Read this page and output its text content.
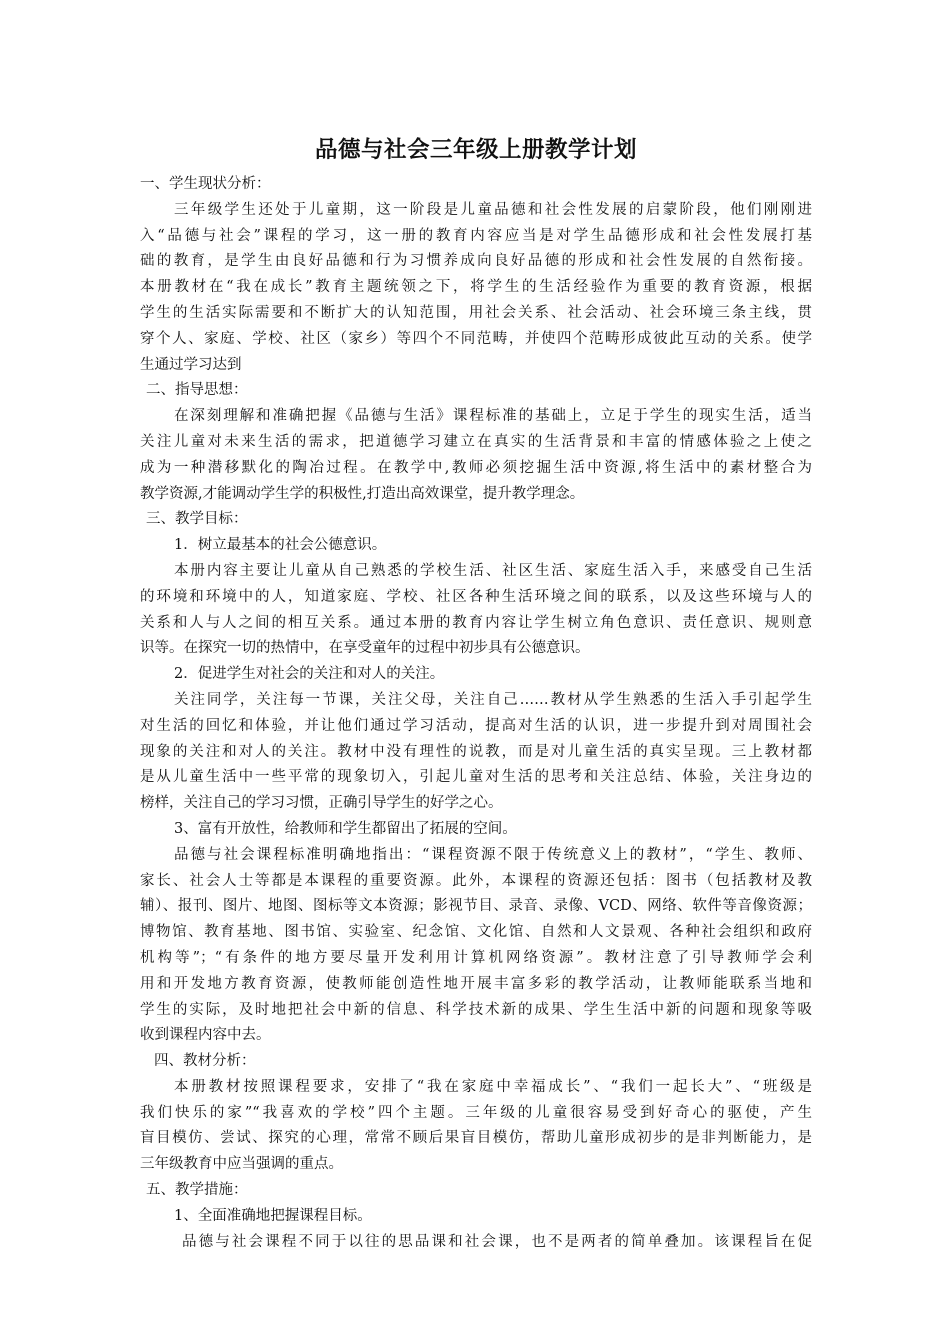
品德与社会三年级上册教学计划

一、学生现状分析：

三年级学生还处于儿童期，这一阶段是儿童品德和社会性发展的启蒙阶段，他们刚刚进

入“品德与社会”课程的学习，这一册的教育内容应当是对学生品德形成和社会性发展打基

础的教育，是学生由良好品德和行为习惯养成向良好品德的形成和社会性发展的自然衔接。

本册教材在“我在成长”教育主题统领之下，将学生的生活经验作为重要的教育资源，根据

学生的生活实际需要和不断扩大的认知范围，用社会关系、社会活动、社会环境三条主线，贯

穿个人、家庭、学校、社区（家乡）等四个不同范畴，并使四个范畴形成彼此互动的关系。使学

生通过学习达到

二、指导思想：

在深刻理解和准确把握《品德与生活》课程标准的基础上，立足于学生的现实生活，适当

关注儿童对未来生活的需求，把道德学习建立在真实的生活背景和丰富的情感体验之上使之

成为一种潜移默化的陶冶过程。在教学中,教师必须挖掘生活中资源,将生活中的素材整合为

教学资源,才能调动学生学的积极性,打造出高效课堂，提升教学理念。

三、教学目标：

1．树立最基本的社会公德意识。

本册内容主要让儿童从自己熟悉的学校生活、社区生活、家庭生活入手，来感受自己生活

的环境和环境中的人，知道家庭、学校、社区各种生活环境之间的联系，以及这些环境与人的

关系和人与人之间的相互关系。通过本册的教育内容让学生树立角色意识、责任意识、规则意

识等。在探究一切的热情中，在享受童年的过程中初步具有公德意识。

2．促进学生对社会的关注和对人的关注。

关注同学，关注每一节课，关注父母，关注自己……教材从学生熟悉的生活入手引起学生

对生活的回忆和体验，并让他们通过学习活动，提高对生活的认识，进一步提升到对周围社会

现象的关注和对人的关注。教材中没有理性的说教，而是对儿童生活的真实呈现。三上教材都

是从儿童生活中一些平常的现象切入，引起儿童对生活的思考和关注总结、体验，关注身边的

榜样，关注自己的学习习惯，正确引导学生的好学之心。

3、富有开放性，给教师和学生都留出了拓展的空间。

品德与社会课程标准明确地指出：“课程资源不限于传统意义上的教材”，“学生、教师、

家长、社会人士等都是本课程的重要资源。此外，本课程的资源还包括：图书（包括教材及教

辅）、报刊、图片、地图、图标等文本资源；影视节目、录音、录像、VCD、网络、软件等音像资源；

博物馆、教育基地、图书馆、实验室、纪念馆、文化馆、自然和人文景观、各种社会组织和政府

机构等”；“有条件的地方要尽量开发利用计算机网络资源”。教材注意了引导教师学会利

用和开发地方教育资源，使教师能创造性地开展丰富多彩的教学活动，让教师能联系当地和

学生的实际，及时地把社会中新的信息、科学技术新的成果、学生生活中新的问题和现象等吸

收到课程内容中去。

四、教材分析：

本册教材按照课程要求，安排了“我在家庭中幸福成长”、“我们一起长大”、“班级是

我们快乐的家”“我喜欢的学校”四个主题。三年级的儿童很容易受到好奇心的驱使，产生

盲目模仿、尝试、探究的心理，常常不顾后果盲目模仿，帮助儿童形成初步的是非判断能力，是

三年级教育中应当强调的重点。

五、教学措施：

1、全面准确地把握课程目标。

品德与社会课程不同于以往的思品课和社会课，也不是两者的简单叠加。该课程旨在促
